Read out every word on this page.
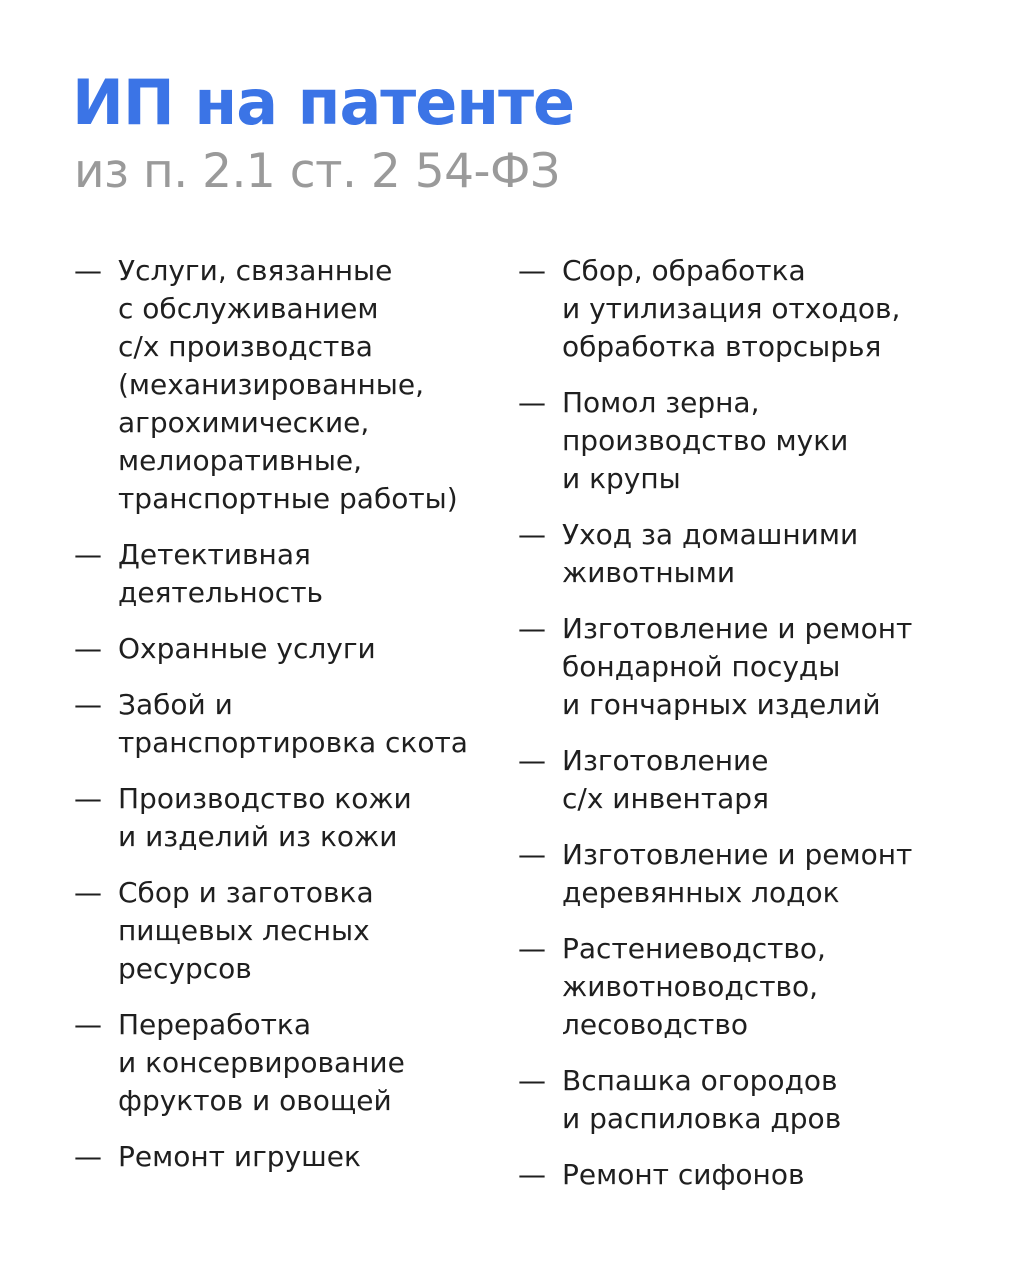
ИП на патенте
из п. 2.1 ст. 2 54-ФЗ
— Услуги, связанные
с обслуживанием
с/х производства
(механизированные,
агрохимические,
мелиоративные,
транспортные работы)
— Детективная
деятельность
— Охранные услуги
— Забой и
транспортировка скота
— Производство кожи
и изделий из кожи
— Сбор и заготовка
пищевых лесных
ресурсов
— Переработка
и консервирование
фруктов и овощей
— Ремонт игрушек
— Сбор, обработка
и утилизация отходов,
обработка вторсырья
— Помол зерна,
производство муки
и крупы
— Уход за домашними
животными
— Изготовление и ремонт
бондарной посуды
и гончарных изделий
— Изготовление
с/х инвентаря
— Изготовление и ремонт
деревянных лодок
— Растениеводство,
животноводство,
лесоводство
— Вспашка огородов
и распиловка дров
— Ремонт сифонов
